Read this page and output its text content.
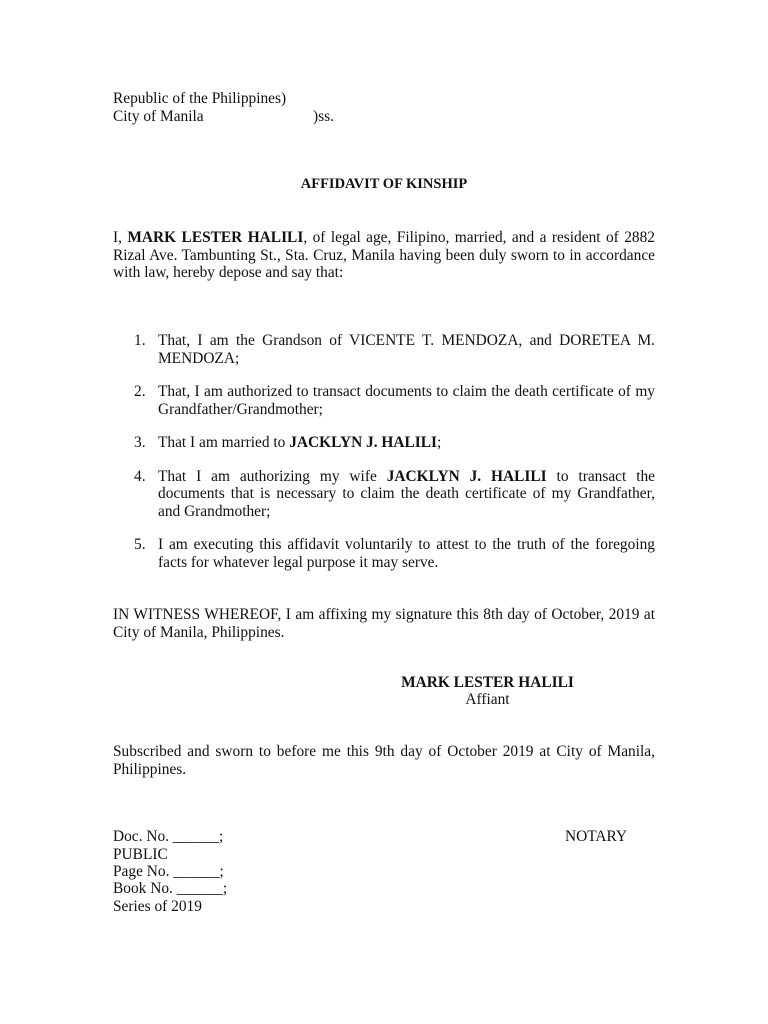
Republic of the Philippines)
City of Manila	)ss.
AFFIDAVIT OF KINSHIP
I, MARK LESTER HALILI, of legal age, Filipino, married, and a resident of 2882 Rizal Ave. Tambunting St., Sta. Cruz, Manila having been duly sworn to in accordance with law, hereby depose and say that:
1. That, I am the Grandson of VICENTE T. MENDOZA, and DORETEA M. MENDOZA;
2. That, I am authorized to transact documents to claim the death certificate of my Grandfather/Grandmother;
3. That I am married to JACKLYN J. HALILI;
4. That I am authorizing my wife JACKLYN J. HALILI to transact the documents that is necessary to claim the death certificate of my Grandfather, and Grandmother;
5. I am executing this affidavit voluntarily to attest to the truth of the foregoing facts for whatever legal purpose it may serve.
IN WITNESS WHEREOF, I am affixing my signature this 8th day of October, 2019 at City of Manila, Philippines.
MARK LESTER HALILI
Affiant
Subscribed and sworn to before me this 9th day of October 2019 at City of Manila, Philippines.
Doc. No. ______;	NOTARY
PUBLIC
Page No. ______;
Book No. ______;
Series of 2019
